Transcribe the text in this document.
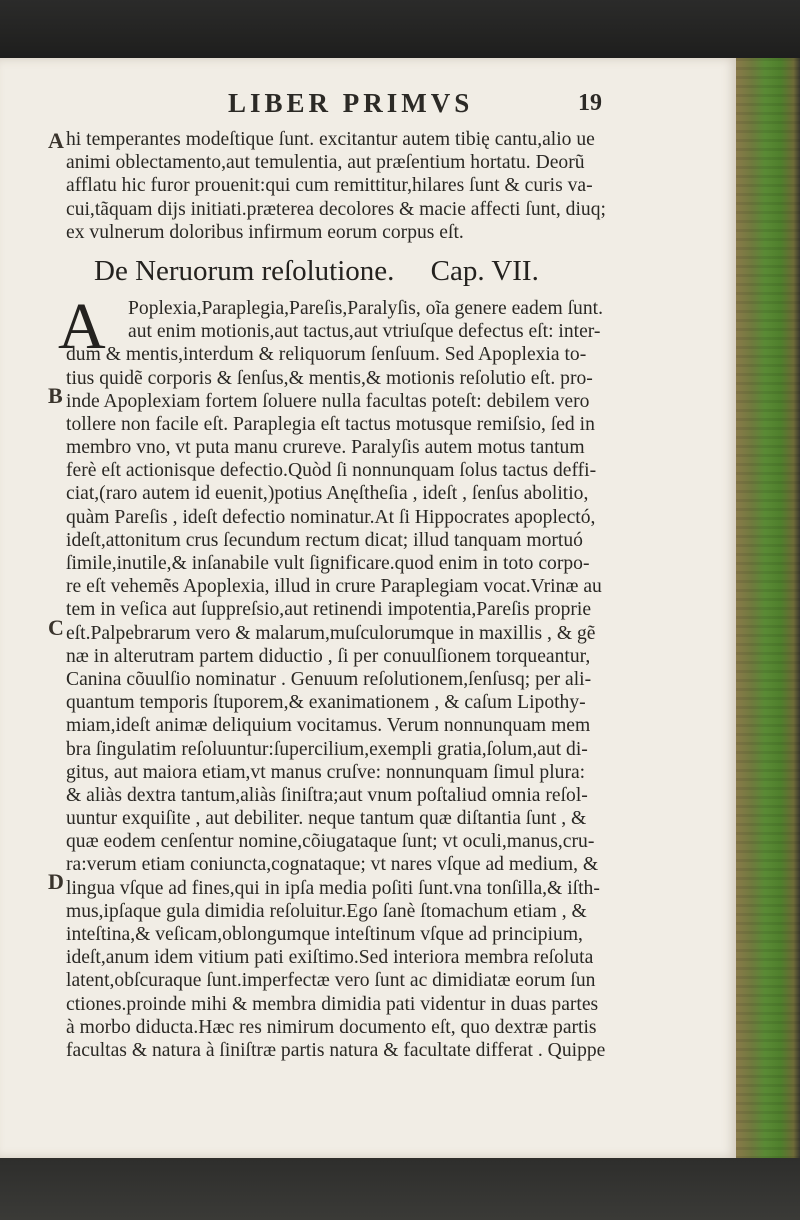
LIBER PRIMVS	19
A
B
C
D
hi temperantes modeſtique ſunt. excitantur autem tibię cantu,alio ue
animi oblectamento,aut temulentia, aut præſentium hortatu. Deorũ
afflatu hic furor prouenit:qui cum remittitur,hilares ſunt & curis va-
cui,tãquam dijs initiati.præterea decolores & macie affecti ſunt, diuq;
ex vulnerum doloribus infirmum eorum corpus eſt.
De Neruorum reſolutione.     Cap. VII.
A Poplexia,Paraplegia,Pareſis,Paralyſis, oĩa genere eadem ſunt.
aut enim motionis,aut tactus,aut vtriuſque defectus eſt: inter-
dum & mentis,interdum & reliquorum ſenſuum. Sed Apoplexia to-
tius quidẽ corporis & ſenſus,& mentis,& motionis reſolutio eſt. pro-
inde Apoplexiam fortem ſoluere nulla facultas poteſt: debilem vero
tollere non facile eſt. Paraplegia eſt tactus motusque remiſsio, ſed in
membro vno, vt puta manu crureve. Paralyſis autem motus tantum
ferè eſt actionisque defectio.Quòd ſi nonnunquam ſolus tactus deffi-
ciat,(raro autem id euenit,)potius Anęſtheſia , ideſt , ſenſus abolitio,
quàm Pareſis , ideſt defectio nominatur.At ſi Hippocrates apoplectó,
ideſt,attonitum crus ſecundum rectum dicat; illud tanquam mortuó
ſimile,inutile,& inſanabile vult ſignificare.quod enim in toto corpo-
re eſt vehemẽs Apoplexia, illud in crure Paraplegiam vocat.Vrinæ au
tem in veſica aut ſuppreſsio,aut retinendi impotentia,Pareſis proprie
eſt.Palpebrarum vero & malarum,muſculorumque in maxillis , & gẽ
næ in alterutram partem diductio , ſi per conuulſionem torqueantur,
Canina cõuulſio nominatur . Genuum reſolutionem,ſenſusq; per ali-
quantum temporis ſtuporem,& exanimationem , & caſum Lipothy-
miam,ideſt animæ deliquium vocitamus. Verum nonnunquam mem
bra ſingulatim reſoluuntur:ſupercilium,exempli gratia,ſolum,aut di-
gitus, aut maiora etiam,vt manus cruſve: nonnunquam ſimul plura:
& aliàs dextra tantum,aliàs ſiniſtra;aut vnum poſtaliud omnia reſol-
uuntur exquiſite , aut debiliter. neque tantum quæ diſtantia ſunt , &
quæ eodem cenſentur nomine,cõiugataque ſunt; vt oculi,manus,cru-
ra:verum etiam coniuncta,cognataque; vt nares vſque ad medium, &
lingua vſque ad fines,qui in ipſa media poſiti ſunt.vna tonſilla,& iſth-
mus,ipſaque gula dimidia reſoluitur.Ego ſanè ſtomachum etiam , &
inteſtina,& veſicam,oblongumque inteſtinum vſque ad principium,
ideſt,anum idem vitium pati exiſtimo.Sed interiora membra reſoluta
latent,obſcuraque ſunt.imperfectæ vero ſunt ac dimidiatæ eorum ſun
ctiones.proinde mihi & membra dimidia pati videntur in duas partes
à morbo diducta.Hæc res nimirum documento eſt, quo dextræ partis
facultas & natura à ſiniſtræ partis natura & facultate differat . Quippe
